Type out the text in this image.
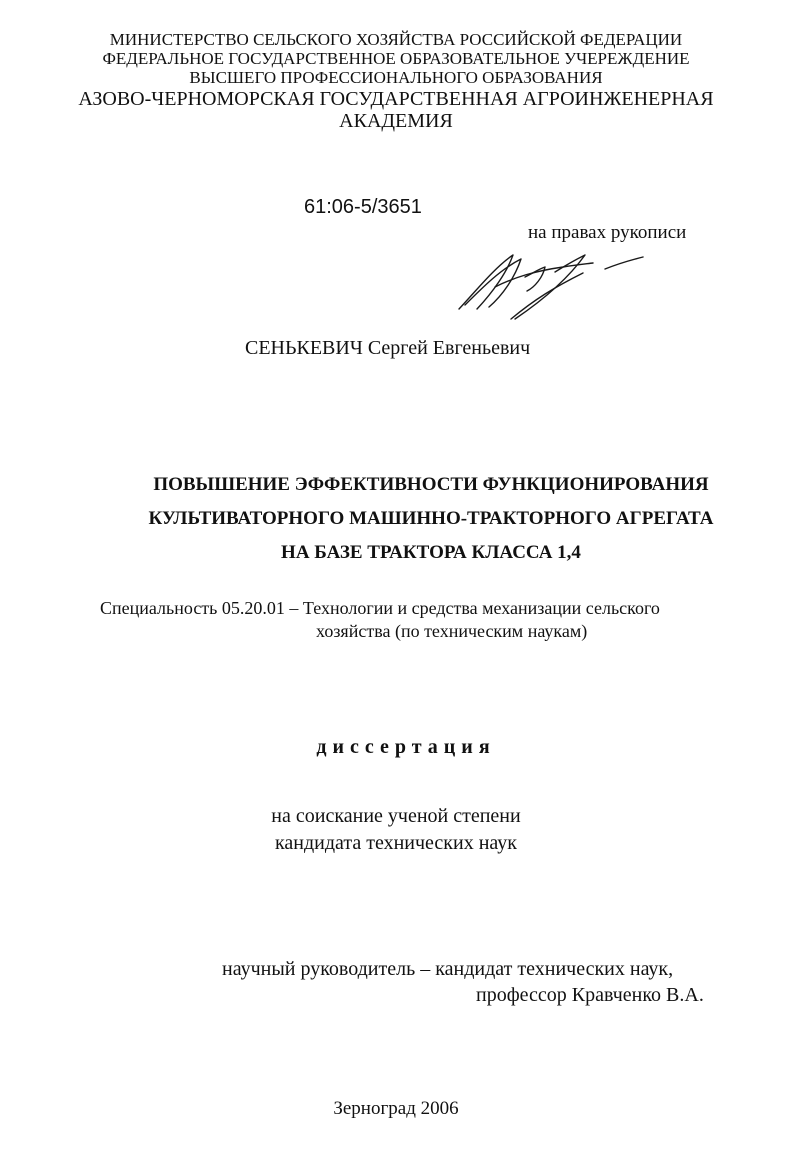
МИНИСТЕРСТВО СЕЛЬСКОГО ХОЗЯЙСТВА РОССИЙСКОЙ ФЕДЕРАЦИИ
ФЕДЕРАЛЬНОЕ ГОСУДАРСТВЕННОЕ ОБРАЗОВАТЕЛЬНОЕ УЧЕРЕЖДЕНИЕ
ВЫСШЕГО ПРОФЕССИОНАЛЬНОГО ОБРАЗОВАНИЯ
АЗОВО-ЧЕРНОМОРСКАЯ ГОСУДАРСТВЕННАЯ АГРОИНЖЕНЕРНАЯ
АКАДЕМИЯ
61:06-5/3651
на правах рукописи
СЕНЬКЕВИЧ Сергей Евгеньевич
ПОВЫШЕНИЕ ЭФФЕКТИВНОСТИ ФУНКЦИОНИРОВАНИЯ
КУЛЬТИВАТОРНОГО МАШИННО-ТРАКТОРНОГО АГРЕГАТА
НА БАЗЕ ТРАКТОРА КЛАССА 1,4
Специальность 05.20.01 – Технологии и средства механизации сельского
хозяйства (по техническим наукам)
диссертация
на соискание ученой степени
кандидата технических наук
научный руководитель – кандидат технических наук,
профессор Кравченко В.А.
Зерноград 2006
